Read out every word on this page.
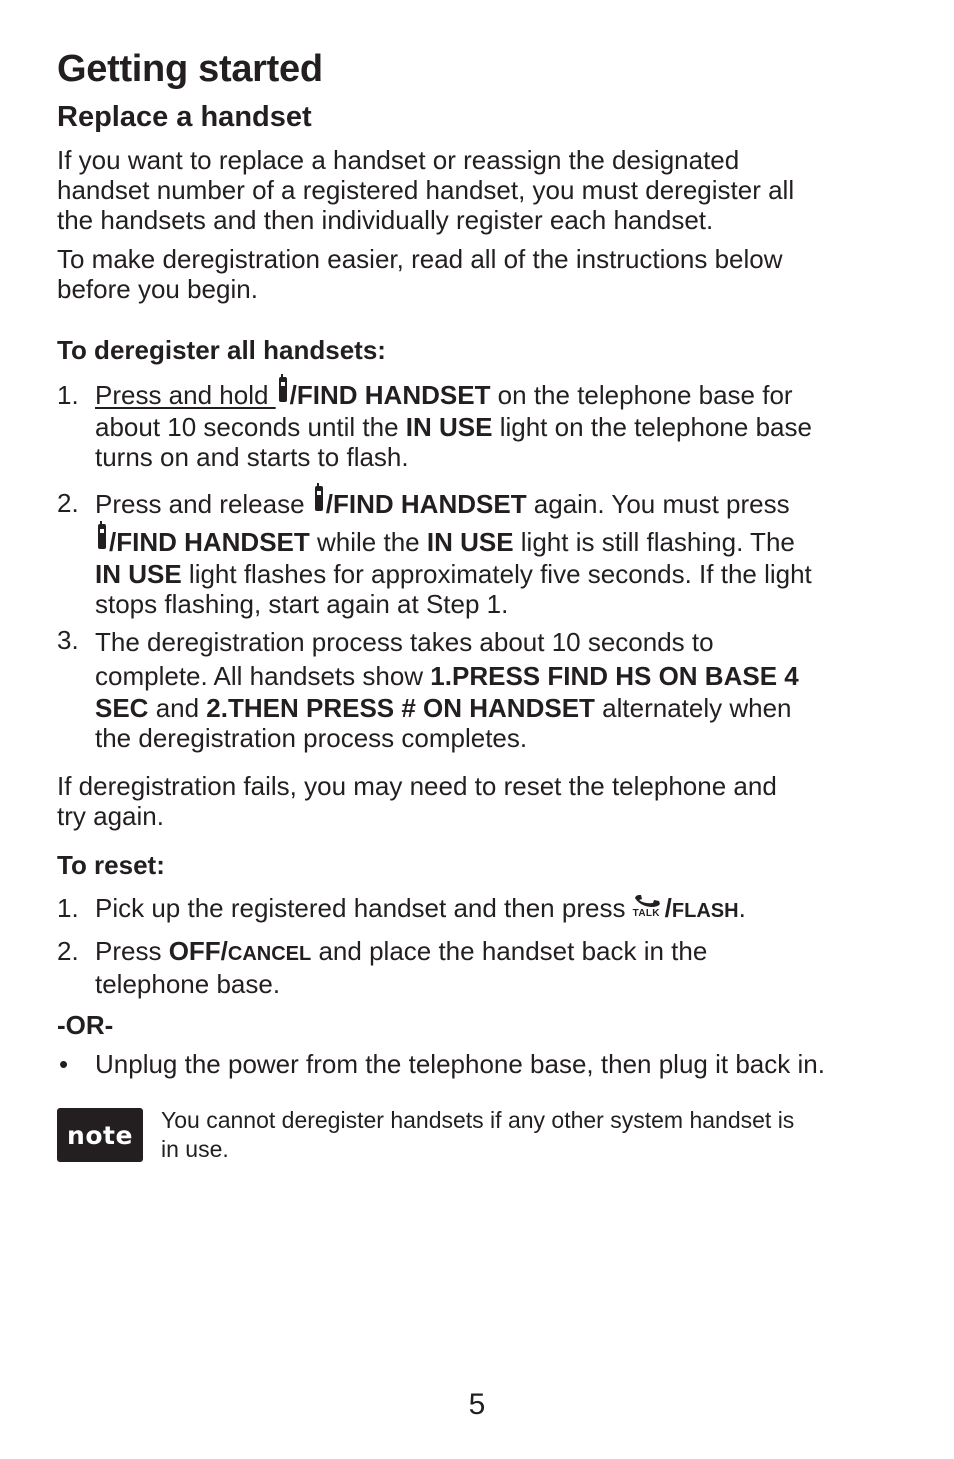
Getting started
Replace a handset

If you want to replace a handset or reassign the designated
handset number of a registered handset, you must deregister all
the handsets and then individually register each handset.

To make deregistration easier, read all of the instructions below
before you begin.

To deregister all handsets:

1. Press and hold /FIND HANDSET on the telephone base for
about 10 seconds until the IN USE light on the telephone base
turns on and starts to flash.
2. Press and release /FIND HANDSET again. You must press
/FIND HANDSET while the IN USE light is still flashing. The
IN USE light flashes for approximately five seconds. If the light
stops flashing, start again at Step 1.
3. The deregistration process takes about 10 seconds to
complete. All handsets show 1.PRESS FIND HS ON BASE 4
SEC and 2.THEN PRESS # ON HANDSET alternately when
the deregistration process completes.

If deregistration fails, you may need to reset the telephone and
try again.

To reset:

1. Pick up the registered handset and then press TALK /FLASH.
2. Press OFF/CANCEL and place the handset back in the
telephone base.

-OR-

• Unplug the power from the telephone base, then plug it back in.
note

You cannot deregister handsets if any other system handset is
in use.

5
